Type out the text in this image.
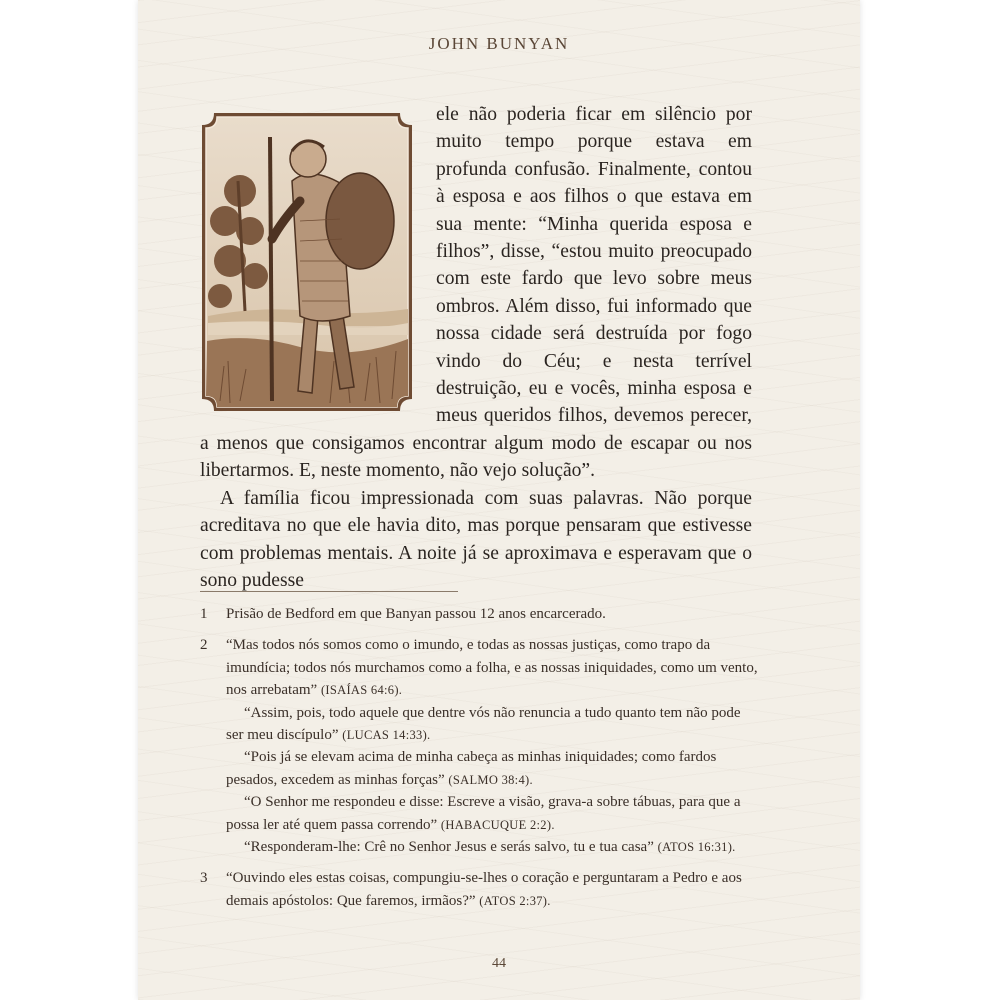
JOHN BUNYAN

ele não poderia ficar em silêncio por muito tempo porque estava em profunda confusão. Finalmente, contou à esposa e aos filhos o que estava em sua mente: “Minha querida esposa e filhos”, disse, “estou muito preocupado com este fardo que levo sobre meus ombros. Além disso, fui informado que nossa cidade será destruída por fogo vindo do Céu; e nesta terrível destruição, eu e vocês, minha esposa e meus queridos filhos, devemos perecer, a menos que consigamos encontrar algum modo de escapar ou nos libertarmos. E, neste momento, não vejo solução”.

A família ficou impressionada com suas palavras. Não porque acreditava no que ele havia dito, mas porque pensaram que estivesse com problemas mentais. A noite já se aproximava e esperavam que o sono pudesse

1 Prisão de Bedford em que Banyan passou 12 anos encarcerado.

2 “Mas todos nós somos como o imundo, e todas as nossas justiças, como trapo da imundícia; todos nós murchamos como a folha, e as nossas iniquidades, como um vento, nos arrebatam” (ISAÍAS 64:6).

“Assim, pois, todo aquele que dentre vós não renuncia a tudo quanto tem não pode ser meu discípulo” (LUCAS 14:33).

“Pois já se elevam acima de minha cabeça as minhas iniquidades; como fardos pesados, excedem as minhas forças” (SALMO 38:4).

“O Senhor me respondeu e disse: Escreve a visão, grava-a sobre tábuas, para que a possa ler até quem passa correndo” (HABACUQUE 2:2).

“Responderam-lhe: Crê no Senhor Jesus e serás salvo, tu e tua casa” (ATOS 16:31).

3 “Ouvindo eles estas coisas, compungiu-se-lhes o coração e perguntaram a Pedro e aos demais apóstolos: Que faremos, irmãos?” (ATOS 2:37).

44
